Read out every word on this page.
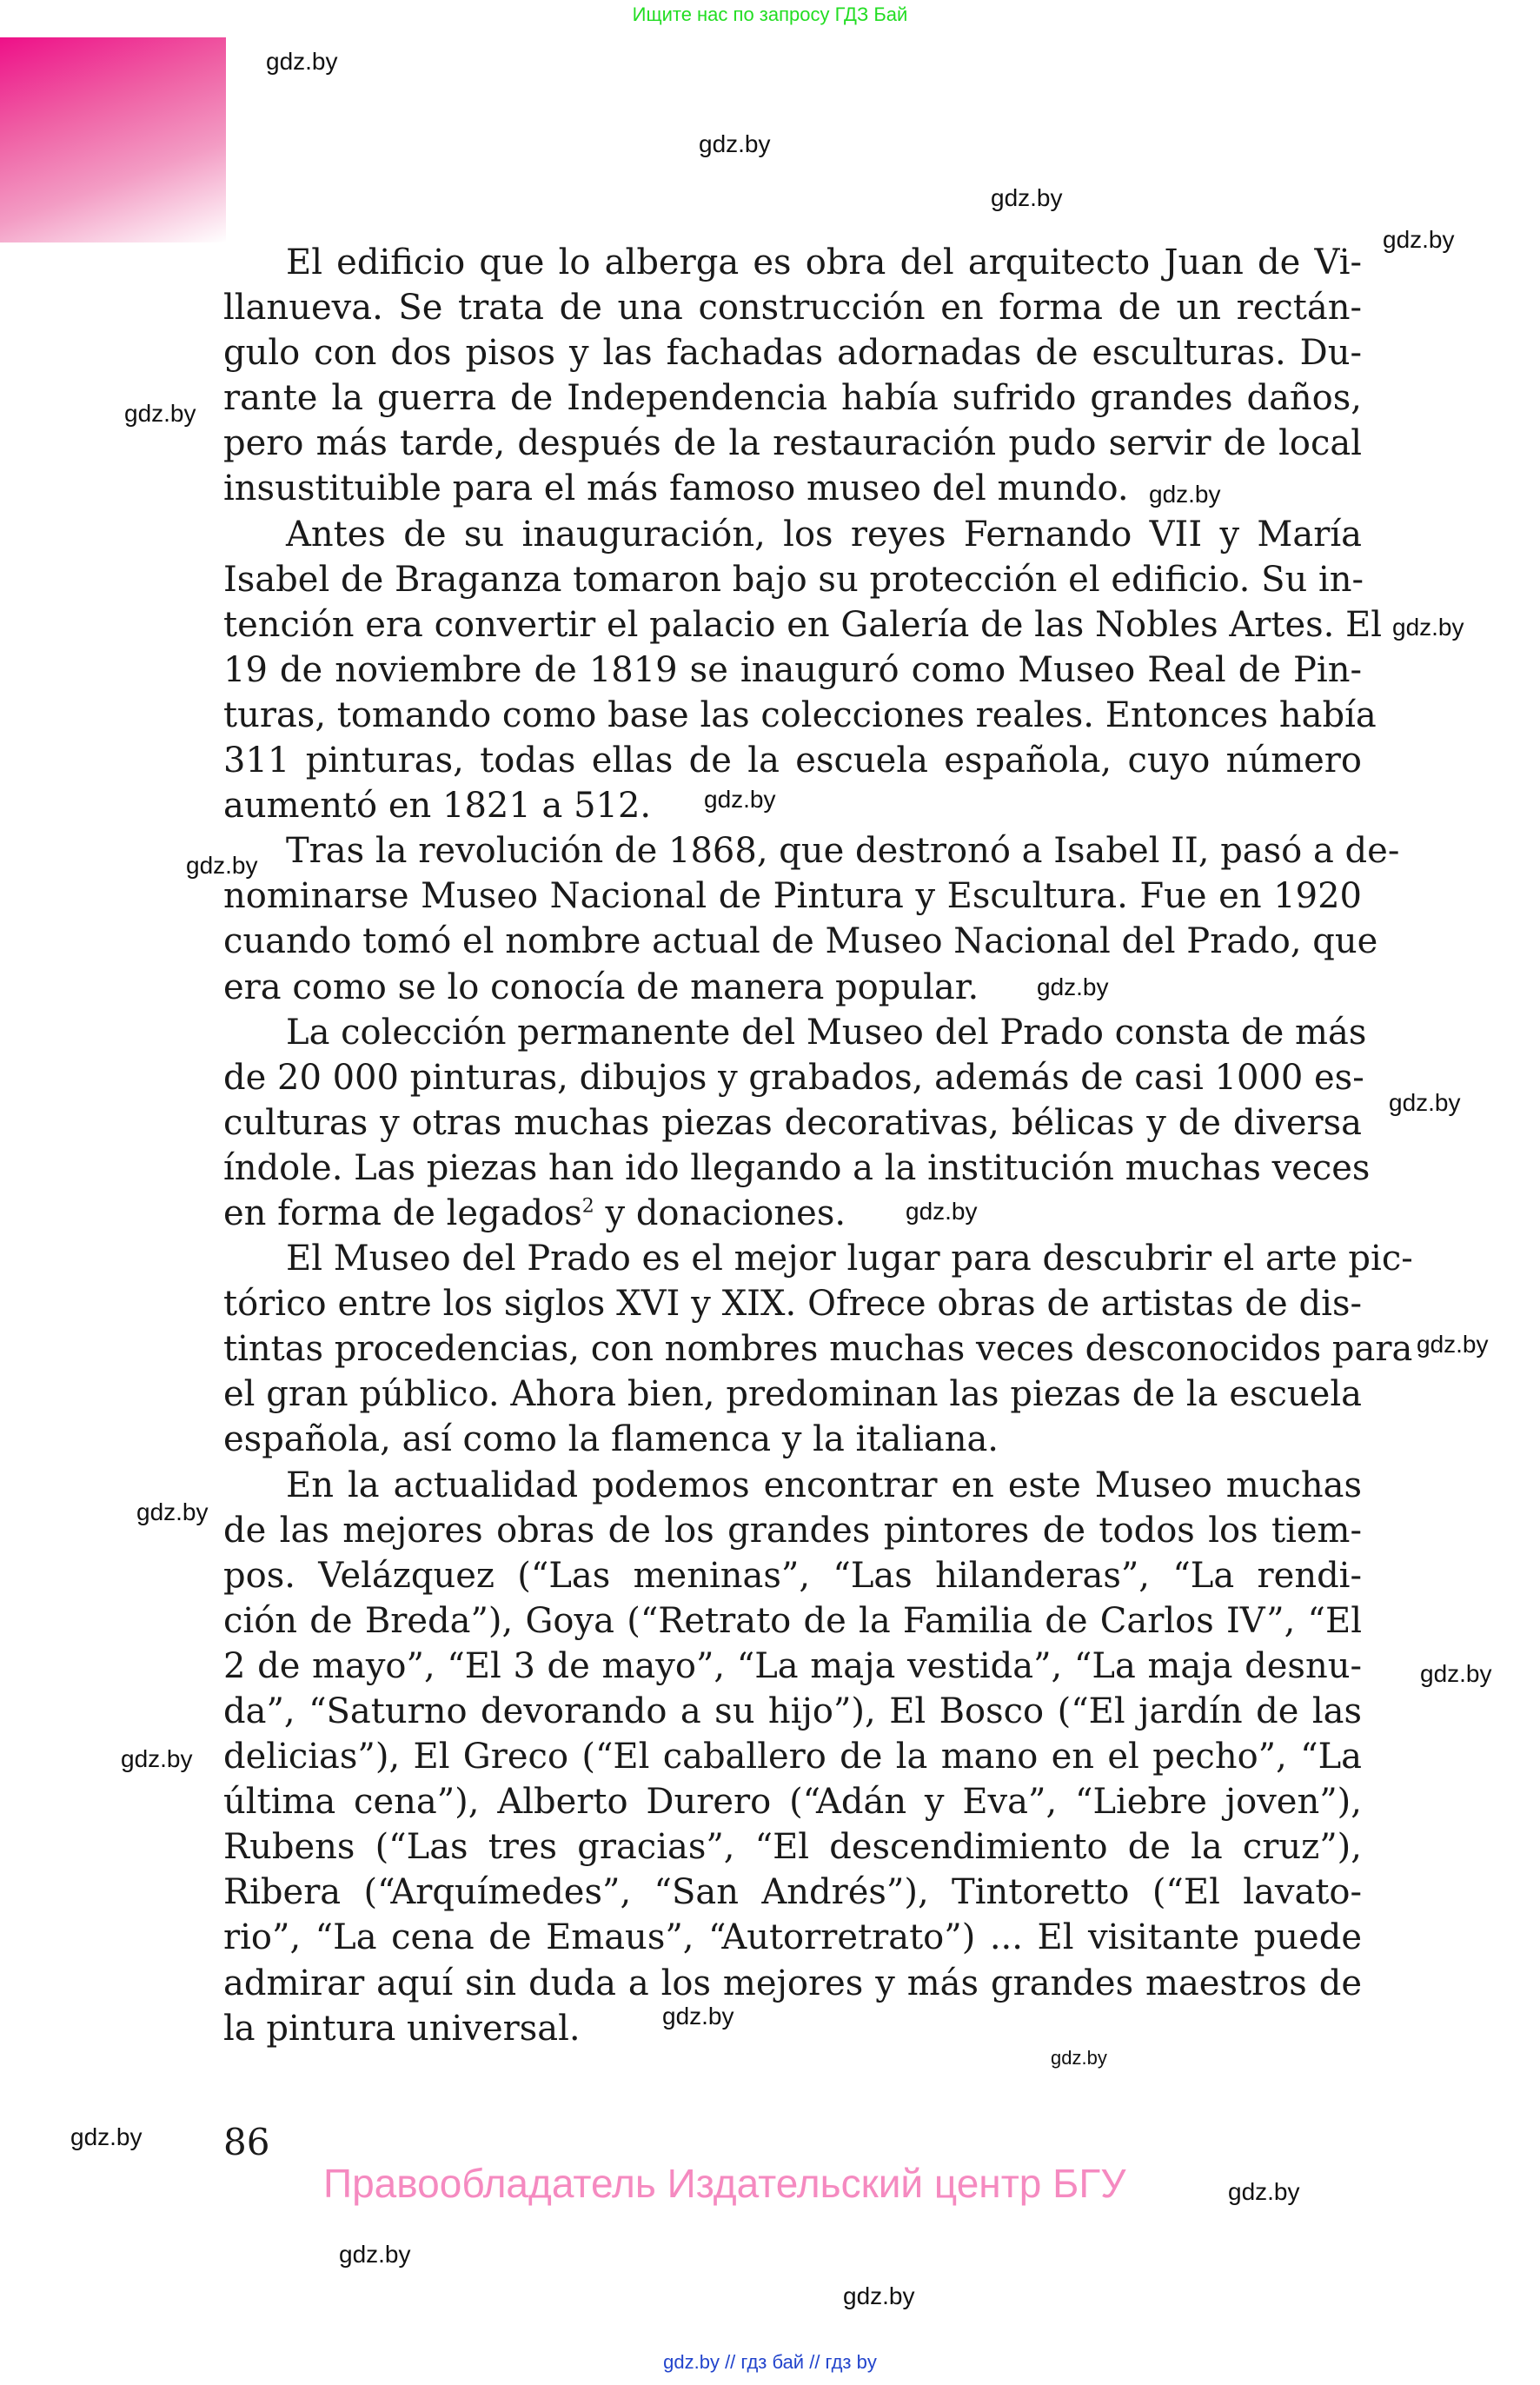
Ищите нас по запросу ГДЗ Бай
gdz.by
gdz.by
gdz.by
gdz.by
gdz.by
gdz.by
gdz.by
gdz.by
gdz.by
gdz.by
gdz.by
gdz.by
gdz.by
gdz.by
gdz.by
gdz.by
gdz.by
gdz.by
gdz.by
gdz.by
gdz.by
gdz.by

El edificio que lo alberga es obra del arquitecto Juan de Vi-
llanueva. Se trata de una construcción en forma de un rectán-
gulo con dos pisos y las fachadas adornadas de esculturas. Du-
rante la guerra de Independencia había sufrido grandes daños,
pero más tarde, después de la restauración pudo servir de local
insustituible para el más famoso museo del mundo.

Antes de su inauguración, los reyes Fernando VII y María
Isabel de Braganza tomaron bajo su protección el edificio. Su in-
tención era convertir el palacio en Galería de las Nobles Artes. El
19 de noviembre de 1819 se inauguró como Museo Real de Pin-
turas, tomando como base las colecciones reales. Entonces había
311 pinturas, todas ellas de la escuela española, cuyo número
aumentó en 1821 a 512.

Tras la revolución de 1868, que destronó a Isabel II, pasó a de-
nominarse Museo Nacional de Pintura y Escultura. Fue en 1920
cuando tomó el nombre actual de Museo Nacional del Prado, que
era como se lo conocía de manera popular.

La colección permanente del Museo del Prado consta de más
de 20 000 pinturas, dibujos y grabados, además de casi 1000 es-
culturas y otras muchas piezas decorativas, bélicas y de diversa
índole. Las piezas han ido llegando a la institución muchas veces
en forma de legados$^2$ y donaciones.

El Museo del Prado es el mejor lugar para descubrir el arte pic-
tórico entre los siglos XVI y XIX. Ofrece obras de artistas de dis-
tintas procedencias, con nombres muchas veces desconocidos para
el gran público. Ahora bien, predominan las piezas de la escuela
española, así como la flamenca y la italiana.

En la actualidad podemos encontrar en este Museo muchas
de las mejores obras de los grandes pintores de todos los tiem-
pos. Velázquez (“Las meninas”, “Las hilanderas”, “La rendi-
ción de Breda”), Goya (“Retrato de la Familia de Carlos IV”, “El
2 de mayo”, “El 3 de mayo”, “La maja vestida”, “La maja desnu-
da”, “Saturno devorando a su hijo”), El Bosco (“El jardín de las
delicias”), El Greco (“El caballero de la mano en el pecho”, “La
última cena”), Alberto Durero (“Adán y Eva”, “Liebre joven”),
Rubens (“Las tres gracias”, “El descendimiento de la cruz”),
Ribera (“Arquímedes”, “San Andrés”), Tintoretto (“El lavato-
rio”, “La cena de Emaus”, “Autorretrato”) ... El visitante puede
admirar aquí sin duda a los mejores y más grandes maestros de
la pintura universal.

86
Правообладатель Издательский центр БГУ
gdz.by // гдз бай // гдз by
